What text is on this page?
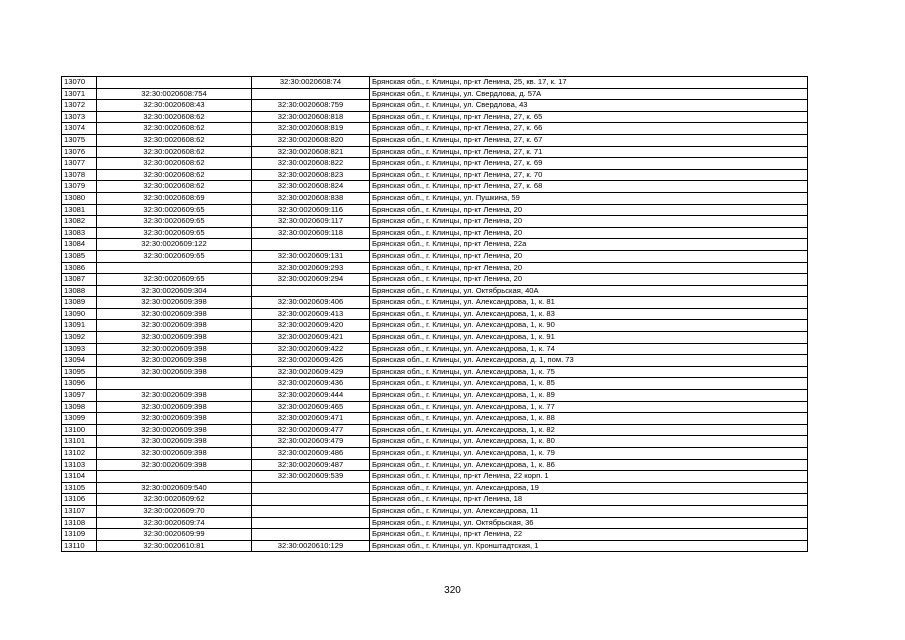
13070		32:30:0020608:74	Брянская обл., г. Клинцы, пр-кт Ленина, 25, кв. 17, к. 17
13071	32:30:0020608:754		Брянская обл., г. Клинцы, ул. Свердлова, д. 57А
13072	32:30:0020608:43	32:30:0020608:759	Брянская обл., г. Клинцы, ул. Свердлова, 43
13073	32:30:0020608:62	32:30:0020608:818	Брянская обл., г. Клинцы, пр-кт Ленина, 27, к. 65
13074	32:30:0020608:62	32:30:0020608:819	Брянская обл., г. Клинцы, пр-кт Ленина, 27, к. 66
13075	32:30:0020608:62	32:30:0020608:820	Брянская обл., г. Клинцы, пр-кт Ленина, 27, к. 67
13076	32:30:0020608:62	32:30:0020608:821	Брянская обл., г. Клинцы, пр-кт Ленина, 27, к. 71
13077	32:30:0020608:62	32:30:0020608:822	Брянская обл., г. Клинцы, пр-кт Ленина, 27, к. 69
13078	32:30:0020608:62	32:30:0020608:823	Брянская обл., г. Клинцы, пр-кт Ленина, 27, к. 70
13079	32:30:0020608:62	32:30:0020608:824	Брянская обл., г. Клинцы, пр-кт Ленина, 27, к. 68
13080	32:30:0020608:69	32:30:0020608:838	Брянская обл., г. Клинцы, ул. Пушкина, 59
13081	32:30:0020609:65	32:30:0020609:116	Брянская обл., г. Клинцы, пр-кт Ленина, 20
13082	32:30:0020609:65	32:30:0020609:117	Брянская обл., г. Клинцы, пр-кт Ленина, 20
13083	32:30:0020609:65	32:30:0020609:118	Брянская обл., г. Клинцы, пр-кт Ленина, 20
13084	32:30:0020609:122		Брянская обл., г. Клинцы, пр-кт Ленина, 22а
13085	32:30:0020609:65	32:30:0020609:131	Брянская обл., г. Клинцы, пр-кт Ленина, 20
13086		32:30:0020609:293	Брянская обл., г. Клинцы, пр-кт Ленина, 20
13087	32:30:0020609:65	32:30:0020609:294	Брянская обл., г. Клинцы, пр-кт Ленина, 20
13088	32:30:0020609:304		Брянская обл., г. Клинцы, ул. Октябрьская, 40А
13089	32:30:0020609:398	32:30:0020609:406	Брянская обл., г. Клинцы, ул. Александрова, 1, к. 81
13090	32:30:0020609:398	32:30:0020609:413	Брянская обл., г. Клинцы, ул. Александрова, 1, к. 83
13091	32:30:0020609:398	32:30:0020609:420	Брянская обл., г. Клинцы, ул. Александрова, 1, к. 90
13092	32:30:0020609:398	32:30:0020609:421	Брянская обл., г. Клинцы, ул. Александрова, 1, к. 91
13093	32:30:0020609:398	32:30:0020609:422	Брянская обл., г. Клинцы, ул. Александрова, 1, к. 74
13094	32:30:0020609:398	32:30:0020609:426	Брянская обл., г. Клинцы, ул. Александрова, д. 1, пом. 73
13095	32:30:0020609:398	32:30:0020609:429	Брянская обл., г. Клинцы, ул. Александрова, 1, к. 75
13096		32:30:0020609:436	Брянская обл., г. Клинцы, ул. Александрова, 1, к. 85
13097	32:30:0020609:398	32:30:0020609:444	Брянская обл., г. Клинцы, ул. Александрова, 1, к. 89
13098	32:30:0020609:398	32:30:0020609:465	Брянская обл., г. Клинцы, ул. Александрова, 1, к. 77
13099	32:30:0020609:398	32:30:0020609:471	Брянская обл., г. Клинцы, ул. Александрова, 1, к. 88
13100	32:30:0020609:398	32:30:0020609:477	Брянская обл., г. Клинцы, ул. Александрова, 1, к. 82
13101	32:30:0020609:398	32:30:0020609:479	Брянская обл., г. Клинцы, ул. Александрова, 1, к. 80
13102	32:30:0020609:398	32:30:0020609:486	Брянская обл., г. Клинцы, ул. Александрова, 1, к. 79
13103	32:30:0020609:398	32:30:0020609:487	Брянская обл., г. Клинцы, ул. Александрова, 1, к. 86
13104		32:30:0020609:539	Брянская обл., г. Клинцы, пр-кт Ленина, 22 корп. 1
13105	32:30:0020609:540		Брянская обл., г. Клинцы, ул. Александрова, 19
13106	32:30:0020609:62		Брянская обл., г. Клинцы, пр-кт Ленина, 18
13107	32:30:0020609:70		Брянская обл., г. Клинцы, ул. Александрова, 11
13108	32:30:0020609:74		Брянская обл., г. Клинцы, ул. Октябрьская, 36
13109	32:30:0020609:99		Брянская обл., г. Клинцы, пр-кт Ленина, 22
13110	32:30:0020610:81	32:30:0020610:129	Брянская обл., г. Клинцы, ул. Кронштадтская, 1
320
